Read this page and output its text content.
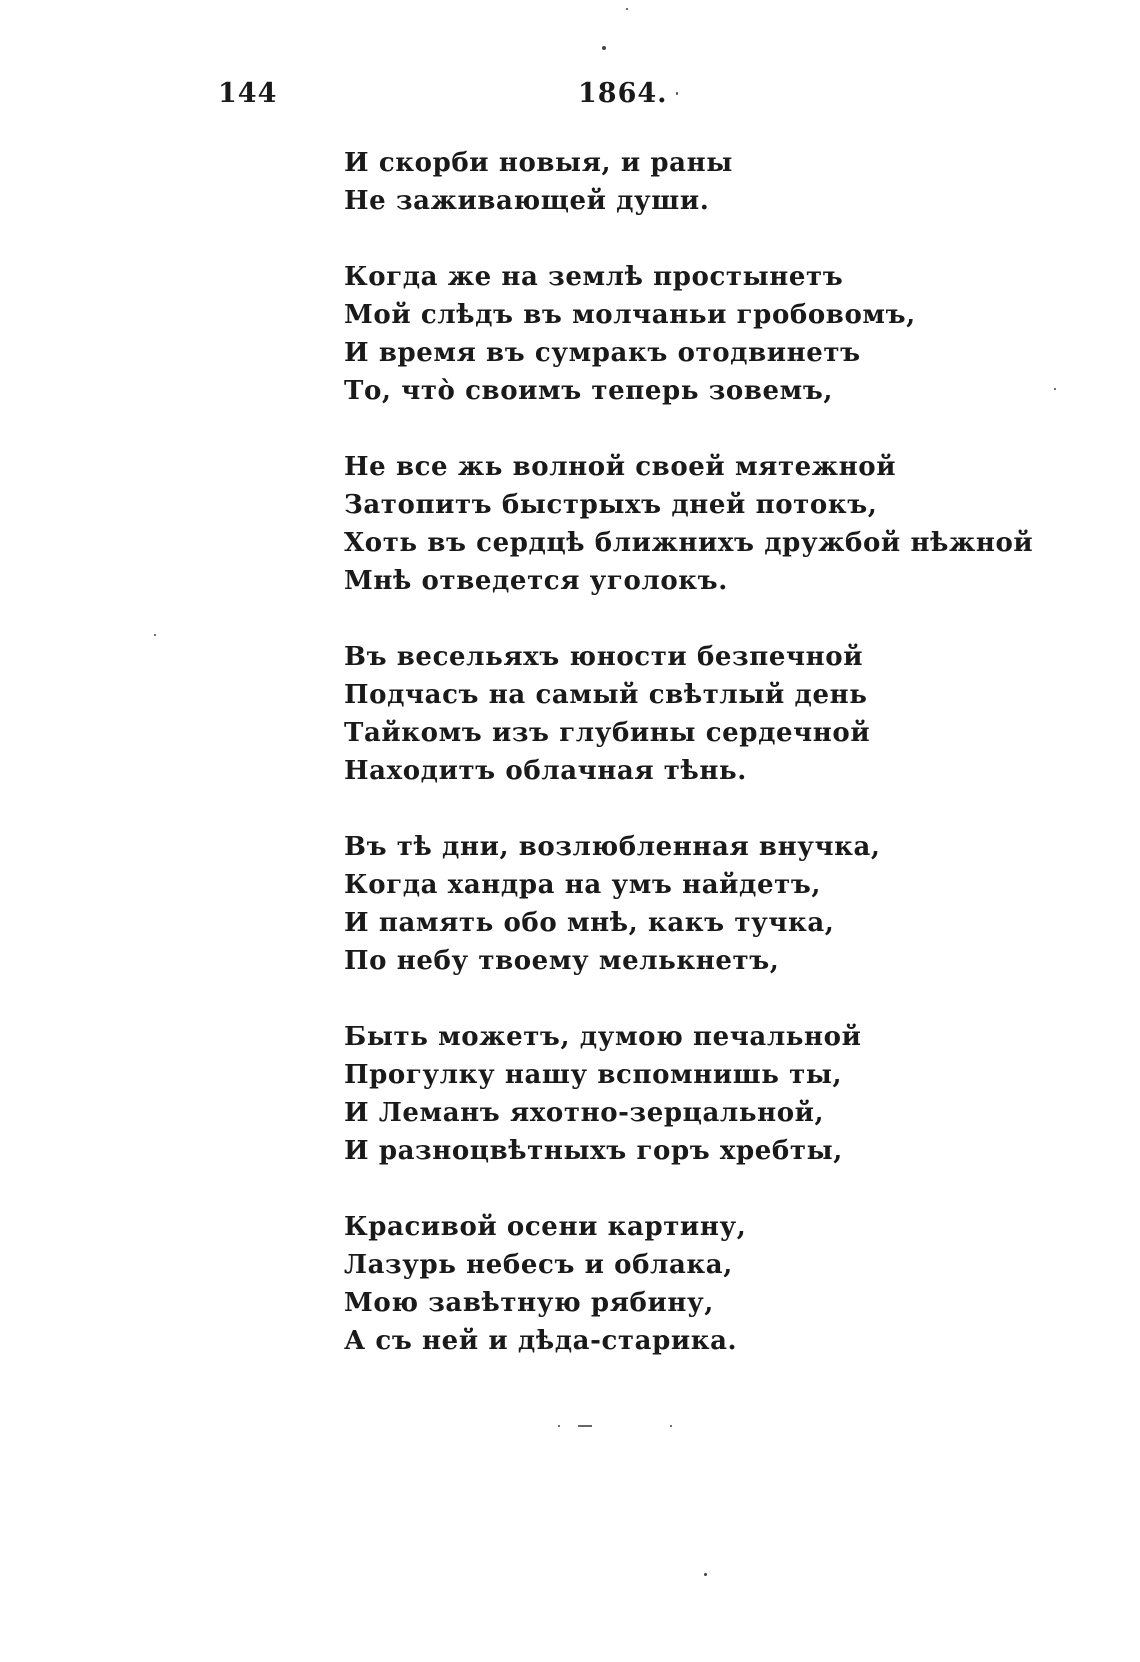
144	1864.
И скорби новыя, и раны
Не заживающей души.
Когда же на землѣ простынетъ
Мой слѣдъ въ молчаньи гробовомъ,
И время въ сумракъ отодвинетъ
То, что̀ своимъ теперь зовемъ,
Не все жь волной своей мятежной
Затопитъ быстрыхъ дней потокъ,
Хоть въ сердцѣ ближнихъ дружбой нѣжной
Мнѣ отведется уголокъ.
Въ весельяхъ юности безпечной
Подчасъ на самый свѣтлый день
Тайкомъ изъ глубины сердечной
Находитъ облачная тѣнь.
Въ тѣ дни, возлюбленная внучка,
Когда хандра на умъ найдетъ,
И память обо мнѣ, какъ тучка,
По небу твоему мелькнетъ,
Быть можетъ, думою печальной
Прогулку нашу вспомнишь ты,
И Леманъ яхотно-зерцальной,
И разноцвѣтныхъ горъ хребты,
Красивой осени картину,
Лазурь небесъ и облака,
Мою завѣтную рябину,
А съ ней и дѣда-старика.
